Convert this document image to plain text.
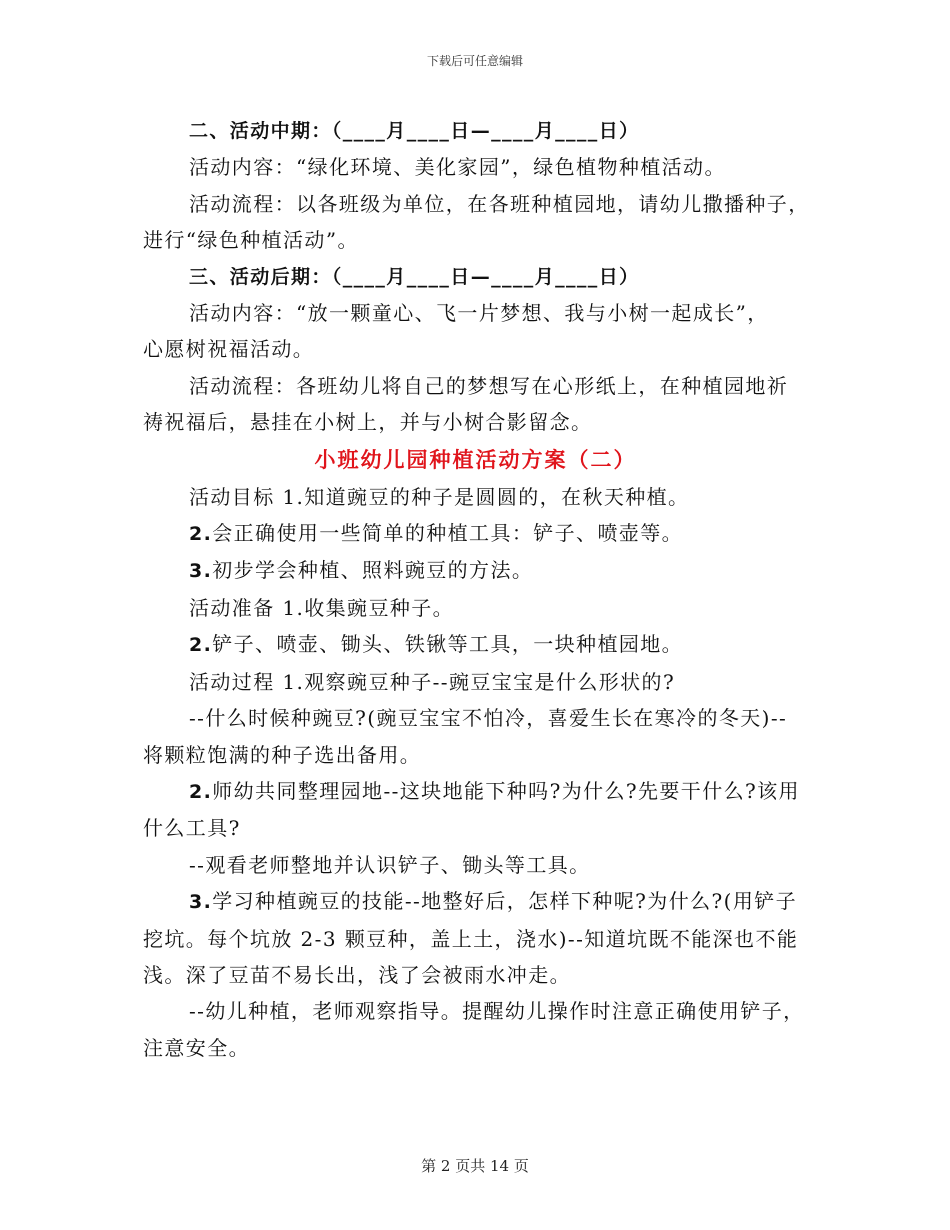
下载后可任意编辑

二、活动中期：（____月____日—____月____日）

活动内容：“绿化环境、美化家园”，绿色植物种植活动。

活动流程：以各班级为单位，在各班种植园地，请幼儿撒播种子，

进行“绿色种植活动”。

三、活动后期：（____月____日—____月____日）

活动内容：“放一颗童心、飞一片梦想、我与小树一起成长”，

心愿树祝福活动。

活动流程：各班幼儿将自己的梦想写在心形纸上，在种植园地祈

祷祝福后，悬挂在小树上，并与小树合影留念。

小班幼儿园种植活动方案（二）

活动目标 1.知道豌豆的种子是圆圆的，在秋天种植。

2.会正确使用一些简单的种植工具：铲子、喷壶等。

3.初步学会种植、照料豌豆的方法。

活动准备 1.收集豌豆种子。

2.铲子、喷壶、锄头、铁锹等工具，一块种植园地。

活动过程 1.观察豌豆种子--豌豆宝宝是什么形状的?

--什么时候种豌豆?(豌豆宝宝不怕冷，喜爱生长在寒冷的冬天)--

将颗粒饱满的种子选出备用。

2.师幼共同整理园地--这块地能下种吗?为什么?先要干什么?该用

什么工具?

--观看老师整地并认识铲子、锄头等工具。

3.学习种植豌豆的技能--地整好后，怎样下种呢?为什么?(用铲子

挖坑。每个坑放 2-3 颗豆种，盖上土，浇水)--知道坑既不能深也不能

浅。深了豆苗不易长出，浅了会被雨水冲走。

--幼儿种植，老师观察指导。提醒幼儿操作时注意正确使用铲子，

注意安全。

第 2 页共 14 页
